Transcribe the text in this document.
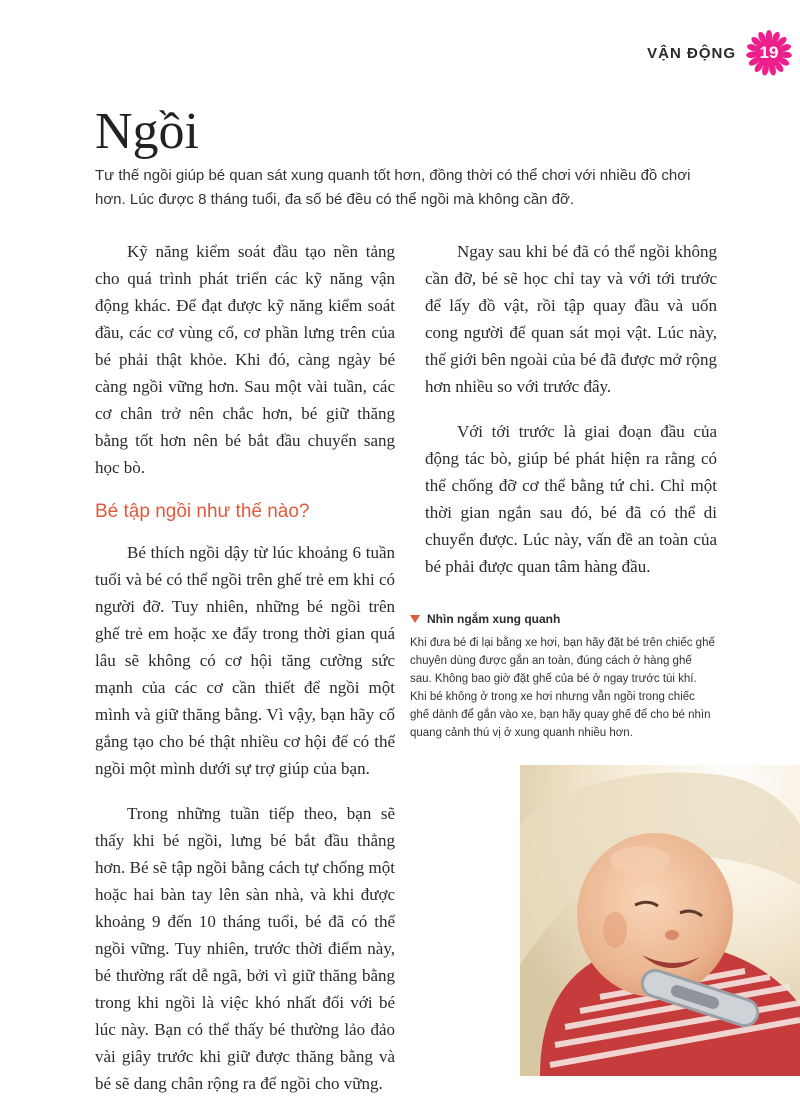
VẬN ĐỘNG	19
Ngồi

Tư thế ngồi giúp bé quan sát xung quanh tốt hơn, đồng thời có thể chơi với nhiều đồ chơi hơn. Lúc được 8 tháng tuổi, đa số bé đều có thể ngồi mà không cần đỡ.

Kỹ năng kiểm soát đầu tạo nền tảng cho quá trình phát triển các kỹ năng vận động khác. Để đạt được kỹ năng kiểm soát đầu, các cơ vùng cổ, cơ phần lưng trên của bé phải thật khỏe. Khi đó, càng ngày bé càng ngồi vững hơn. Sau một vài tuần, các cơ chân trở nên chắc hơn, bé giữ thăng bằng tốt hơn nên bé bắt đầu chuyển sang học bò.

Bé tập ngồi như thế nào?

Bé thích ngồi dậy từ lúc khoảng 6 tuần tuổi và bé có thể ngồi trên ghế trẻ em khi có người đỡ. Tuy nhiên, những bé ngồi trên ghế trẻ em hoặc xe đẩy trong thời gian quá lâu sẽ không có cơ hội tăng cường sức mạnh của các cơ cần thiết để ngồi một mình và giữ thăng bằng. Vì vậy, bạn hãy cố gắng tạo cho bé thật nhiều cơ hội để có thể ngồi một mình dưới sự trợ giúp của bạn.

Trong những tuần tiếp theo, bạn sẽ thấy khi bé ngồi, lưng bé bắt đầu thẳng hơn. Bé sẽ tập ngồi bằng cách tự chống một hoặc hai bàn tay lên sàn nhà, và khi được khoảng 9 đến 10 tháng tuổi, bé đã có thể ngồi vững. Tuy nhiên, trước thời điểm này, bé thường rất dễ ngã, bởi vì giữ thăng bằng trong khi ngồi là việc khó nhất đối với bé lúc này. Bạn có thể thấy bé thường lảo đảo vài giây trước khi giữ được thăng bằng và bé sẽ dang chân rộng ra để ngồi cho vững.

Ngay sau khi bé đã có thể ngồi không cần đỡ, bé sẽ học chỉ tay và với tới trước để lấy đồ vật, rồi tập quay đầu và uốn cong người để quan sát mọi vật. Lúc này, thế giới bên ngoài của bé đã được mở rộng hơn nhiều so với trước đây.

Với tới trước là giai đoạn đầu của động tác bò, giúp bé phát hiện ra rằng có thể chống đỡ cơ thể bằng tứ chi. Chỉ một thời gian ngắn sau đó, bé đã có thể di chuyển được. Lúc này, vấn đề an toàn của bé phải được quan tâm hàng đầu.

Nhìn ngắm xung quanh

Khi đưa bé đi lại bằng xe hơi, bạn hãy đặt bé trên chiếc ghế chuyên dùng được gắn an toàn, đúng cách ở hàng ghế sau. Không bao giờ đặt ghế của bé ở ngay trước túi khí. Khi bé không ở trong xe hơi nhưng vẫn ngồi trong chiếc ghế dành để gắn vào xe, bạn hãy quay ghế để cho bé nhìn quang cảnh thú vị ở xung quanh nhiều hơn.
